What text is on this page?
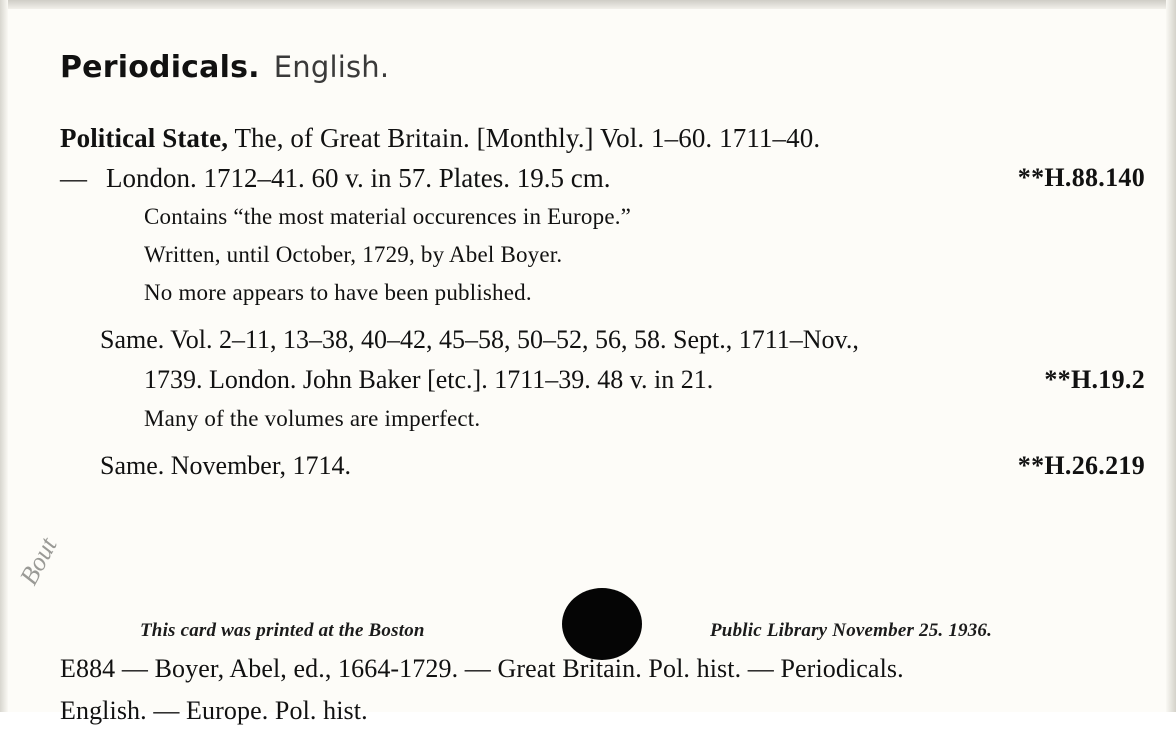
Periodicals. English.
Political State, The, of Great Britain. [Monthly.] Vol. 1–60. 1711–40.
— London. 1712–41. 60 v. in 57. Plates. 19.5 cm.	**H.88.140
Contains “the most material occurences in Europe.”
Written, until October, 1729, by Abel Boyer.
No more appears to have been published.
Same. Vol. 2–11, 13–38, 40–42, 45–58, 50–52, 56, 58. Sept., 1711–Nov.,
1739. London. John Baker [etc.]. 1711–39. 48 v. in 21.	**H.19.2
Many of the volumes are imperfect.
Same. November, 1714.	**H.26.219
This card was printed at the Boston	Public Library November 25. 1936.
Bout
E884 — Boyer, Abel, ed., 1664-1729. — Great Britain. Pol. hist. — Periodicals.
English. — Europe. Pol. hist.
